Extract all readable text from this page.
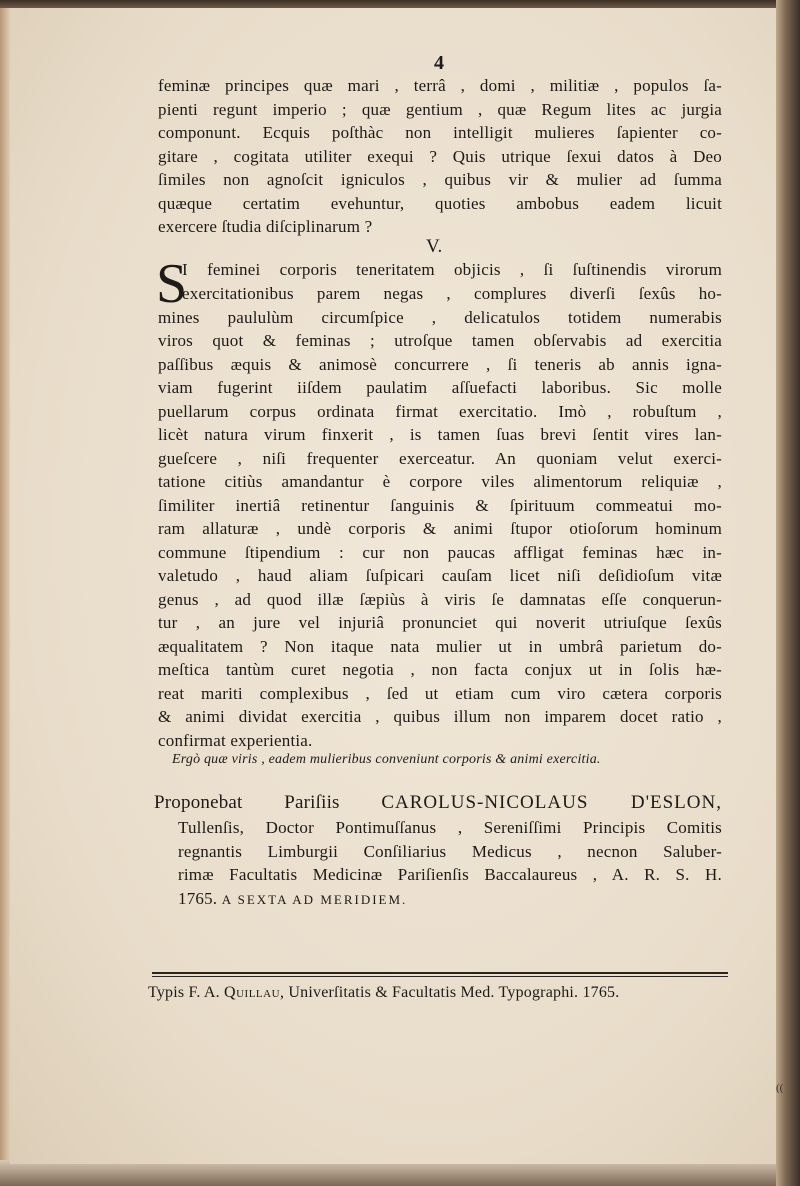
4
feminæ principes quæ mari , terrâ , domi , militiæ , populos ſa-
pienti regunt imperio ; quæ gentium , quæ Regum lites ac jurgia
componunt. Ecquis poſthàc non intelligit mulieres ſapienter co-
gitare , cogitata utiliter exequi ? Quis utrique ſexui datos à Deo
ſimiles non agnoſcit igniculos , quibus vir & mulier ad ſumma
quæque certatim evehuntur, quoties ambobus eadem licuit
exercere ſtudia diſciplinarum ?
V.
S
I feminei corporis teneritatem objicis , ſi ſuſtinendis virorum
exercitationibus parem negas , complures diverſi ſexûs ho-
mines paululùm circumſpice , delicatulos totidem numerabis
viros quot & feminas ; utroſque tamen obſervabis ad exercitia
paſſibus æquis & animosè concurrere , ſi teneris ab annis igna-
viam fugerint iiſdem paulatim aſſuefacti laboribus. Sic molle
puellarum corpus ordinata firmat exercitatio. Imò , robuſtum ,
licèt natura virum finxerit , is tamen ſuas brevi ſentit vires lan-
gueſcere , niſi frequenter exerceatur. An quoniam velut exerci-
tatione citiùs amandantur è corpore viles alimentorum reliquiæ ,
ſimiliter inertiâ retinentur ſanguinis & ſpirituum commeatui mo-
ram allaturæ , undè corporis & animi ſtupor otioſorum hominum
commune ſtipendium : cur non paucas affligat feminas hæc in-
valetudo , haud aliam ſuſpicari cauſam licet niſi deſidioſum vitæ
genus , ad quod illæ ſæpiùs à viris ſe damnatas eſſe conquerun-
tur , an jure vel injuriâ pronunciet qui noverit utriuſque ſexûs
æqualitatem ? Non itaque nata mulier ut in umbrâ parietum do-
meſtica tantùm curet negotia , non facta conjux ut in ſolis hæ-
reat mariti complexibus , ſed ut etiam cum viro cætera corporis
& animi dividat exercitia , quibus illum non imparem docet ratio ,
confirmat experientia.
Ergò quæ viris , eadem mulieribus conveniunt corporis & animi exercitia.
Proponebat Pariſiis CAROLUS-NICOLAUS D'ESLON,
Tullenſis, Doctor Pontimuſſanus , Sereniſſimi Principis Comitis
regnantis Limburgii Conſiliarius Medicus , necnon Saluber-
rimæ Facultatis Medicinæ Pariſienſis Baccalaureus , A. R. S. H.
1765. A SEXTA AD MERIDIEM.
Typis F. A. Quillau, Univerſitatis & Facultatis Med. Typographi. 1765.
((
